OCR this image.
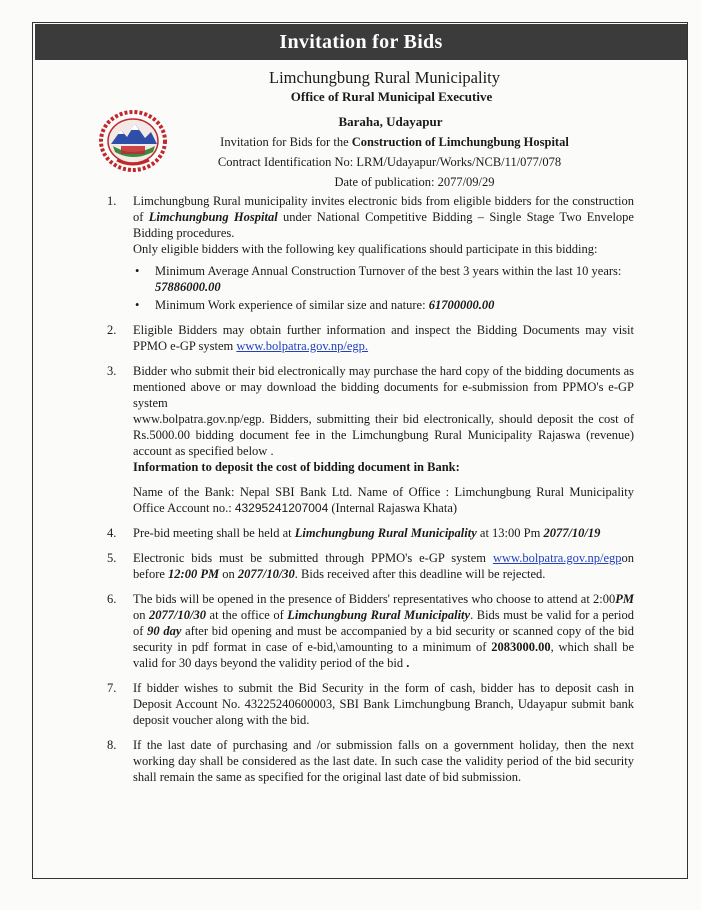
Invitation for Bids
Limchungbung Rural Municipality
Office of Rural Municipal Executive
Baraha, Udayapur
Invitation for Bids for the Construction of Limchungbung Hospital
Contract Identification No: LRM/Udayapur/Works/NCB/11/077/078
Date of publication: 2077/09/29
1. Limchungbung Rural municipality invites electronic bids from eligible bidders for the construction of Limchungbung Hospital under National Competitive Bidding – Single Stage Two Envelope Bidding procedures.

Only eligible bidders with the following key qualifications should participate in this bidding:

• Minimum Average Annual Construction Turnover of the best 3 years within the last 10 years:
57886000.00
• Minimum Work experience of similar size and nature: 61700000.00
2. Eligible Bidders may obtain further information and inspect the Bidding Documents may visit PPMO e-GP system www.bolpatra.gov.np/egp.

3. Bidder who submit their bid electronically may purchase the hard copy of the bidding documents as mentioned above or may download the bidding documents for e-submission from PPMO's e-GP system

www.bolpatra.gov.np/egp. Bidders, submitting their bid electronically, should deposit the cost of Rs.5000.00 bidding document fee in the Limchungbung Rural Municipality Rajaswa (revenue) account as specified below .

Information to deposit the cost of bidding document in Bank:

Name of the Bank: Nepal SBI Bank Ltd. Name of Office : Limchungbung Rural Municipality Office Account no.: 43295241207004 (Internal Rajaswa Khata)

4. Pre-bid meeting shall be held at Limchungbung Rural Municipality at 13:00 Pm 2077/10/19

5. Electronic bids must be submitted through PPMO's e-GP system www.bolpatra.gov.np/egpon before 12:00 PM on 2077/10/30. Bids received after this deadline will be rejected.

6. The bids will be opened in the presence of Bidders' representatives who choose to attend at 2:00PM on 2077/10/30 at the office of Limchungbung Rural Municipality. Bids must be valid for a period of 90 day after bid opening and must be accompanied by a bid security or scanned copy of the bid security in pdf format in case of e-bid,\amounting to a minimum of 2083000.00, which shall be valid for 30 days beyond the validity period of the bid .

7. If bidder wishes to submit the Bid Security in the form of cash, bidder has to deposit cash in Deposit Account No. 43225240600003, SBI Bank Limchungbung Branch, Udayapur submit bank deposit voucher along with the bid.

8. If the last date of purchasing and /or submission falls on a government holiday, then the next working day shall be considered as the last date. In such case the validity period of the bid security shall remain the same as specified for the original last date of bid submission.
